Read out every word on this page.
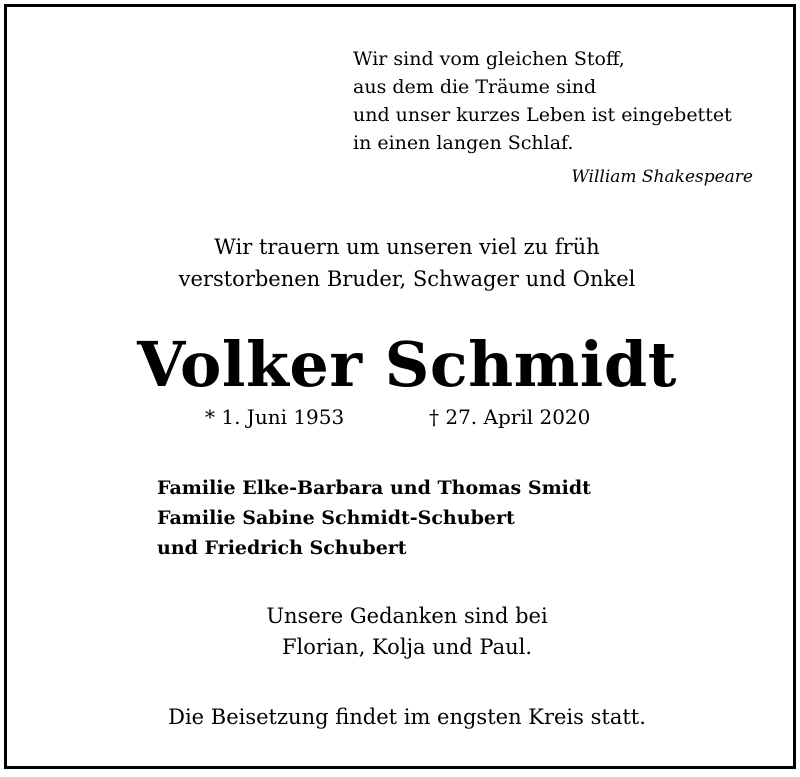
Wir sind vom gleichen Stoff,
aus dem die Träume sind
und unser kurzes Leben ist eingebettet
in einen langen Schlaf.
William Shakespeare
Wir trauern um unseren viel zu früh
verstorbenen Bruder, Schwager und Onkel
Volker Schmidt
* 1. Juni 1953	† 27. April 2020
Familie Elke-Barbara und Thomas Smidt
Familie Sabine Schmidt-Schubert
und Friedrich Schubert
Unsere Gedanken sind bei
Florian, Kolja und Paul.
Die Beisetzung findet im engsten Kreis statt.
